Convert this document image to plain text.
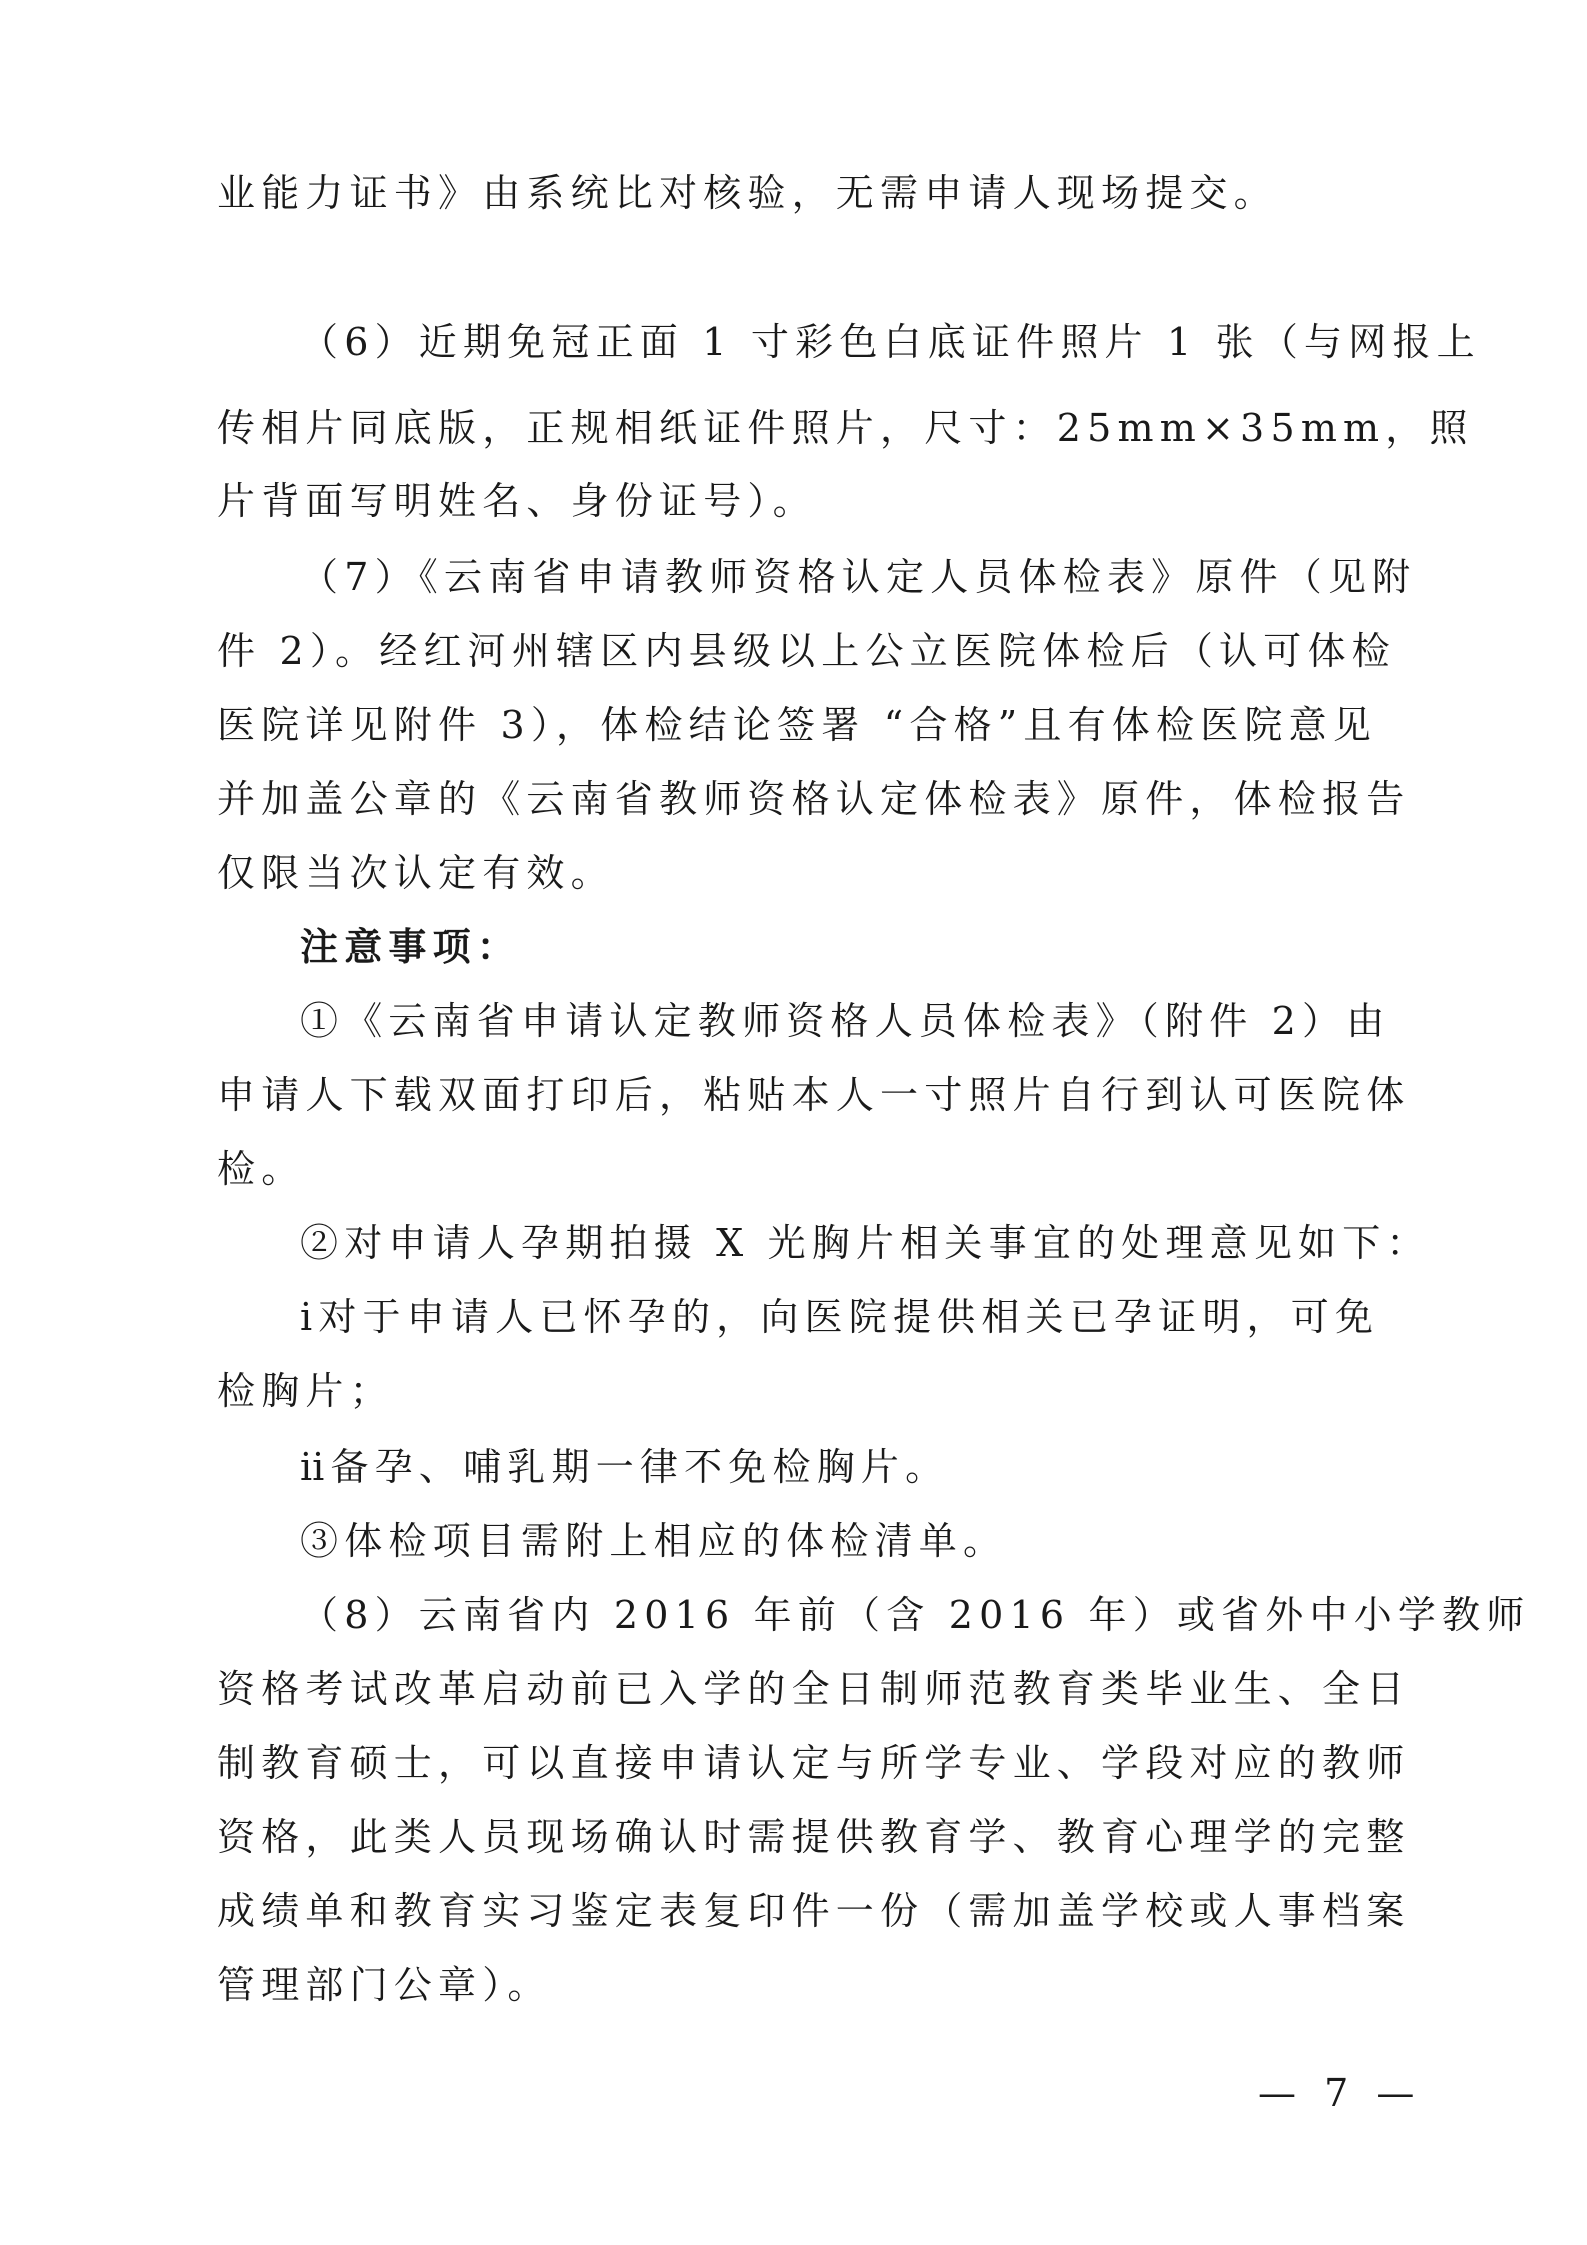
业能力证书》由系统比对核验，无需申请人现场提交。
（6）近期免冠正面 1 寸彩色白底证件照片 1 张（与网报上
传相片同底版，正规相纸证件照片，尺寸：25mm×35mm，照
片背面写明姓名、身份证号）。
（7）《云南省申请教师资格认定人员体检表》原件（见附
件 2）。经红河州辖区内县级以上公立医院体检后（认可体检
医院详见附件 3），体检结论签署 “合格”且有体检医院意见
并加盖公章的《云南省教师资格认定体检表》原件，体检报告
仅限当次认定有效。
注意事项：
①《云南省申请认定教师资格人员体检表》（附件 2）由
申请人下载双面打印后，粘贴本人一寸照片自行到认可医院体
检。
②对申请人孕期拍摄 X 光胸片相关事宜的处理意见如下：
ⅰ对于申请人已怀孕的，向医院提供相关已孕证明，可免
检胸片；
ⅱ备孕、哺乳期一律不免检胸片。
③体检项目需附上相应的体检清单。
（8）云南省内 2016 年前（含 2016 年）或省外中小学教师
资格考试改革启动前已入学的全日制师范教育类毕业生、全日
制教育硕士，可以直接申请认定与所学专业、学段对应的教师
资格，此类人员现场确认时需提供教育学、教育心理学的完整
成绩单和教育实习鉴定表复印件一份（需加盖学校或人事档案
管理部门公章）。
— 7 —
